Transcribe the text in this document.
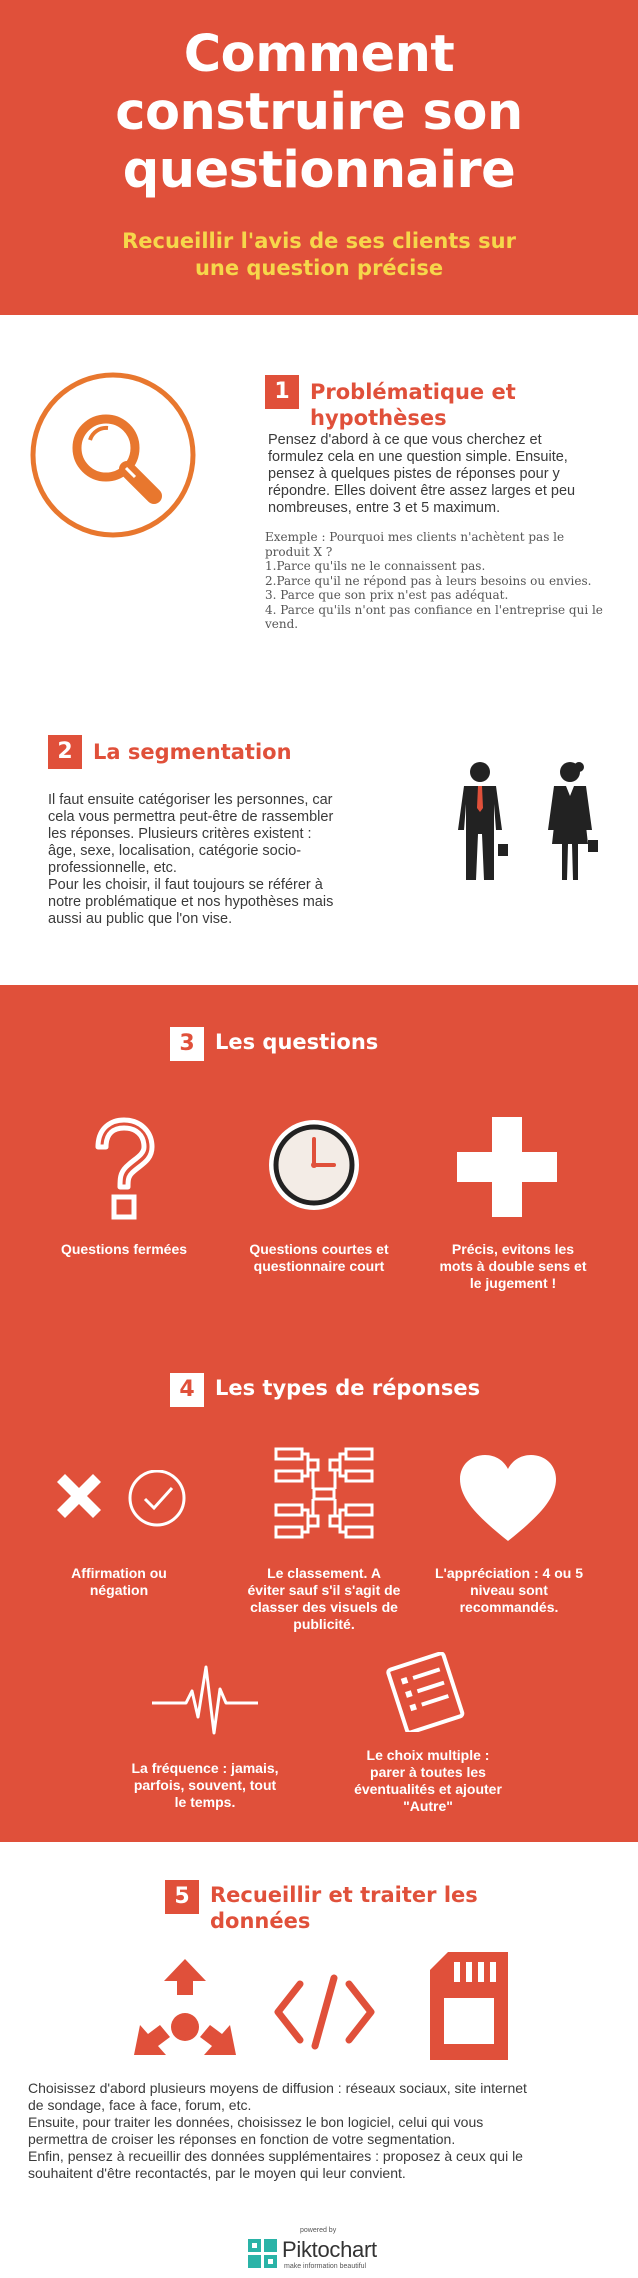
Comment
construire son
questionnaire
Recueillir l'avis de ses clients sur
une question précise
1 Problématique et hypothèses
Pensez d'abord à ce que vous cherchez et
formulez cela en une question simple. Ensuite,
pensez à quelques pistes de réponses pour y
répondre. Elles doivent être assez larges et peu
nombreuses, entre 3 et 5 maximum.
Exemple : Pourquoi mes clients n'achètent pas le
produit X ?
1.Parce qu'ils ne le connaissent pas.
2.Parce qu'il ne répond pas à leurs besoins ou envies.
3. Parce que son prix n'est pas adéquat.
4. Parce qu'ils n'ont pas confiance en l'entreprise qui le
vend.
2 La segmentation
Il faut ensuite catégoriser les personnes, car
cela vous permettra peut-être de rassembler
les réponses. Plusieurs critères existent :
âge, sexe, localisation, catégorie socio-
professionnelle, etc.
Pour les choisir, il faut toujours se référer à
notre problématique et nos hypothèses mais
aussi au public que l'on vise.
3 Les questions
Questions fermées	Questions courtes et
questionnaire court
Précis, evitons les
mots à double sens et
le jugement !
4 Les types de réponses
Affirmation ou
négation
Le classement. A
éviter sauf s'il s'agit de
classer des visuels de
publicité.
L'appréciation : 4 ou 5
niveau sont
recommandés.
La fréquence : jamais,
parfois, souvent, tout
le temps.
Le choix multiple :
parer à toutes les
éventualités et ajouter
"Autre"
5 Recueillir et traiter les
données
Choisissez d'abord plusieurs moyens de diffusion : réseaux sociaux, site internet
de sondage, face à face, forum, etc.
Ensuite, pour traiter les données, choisissez le bon logiciel, celui qui vous
permettra de croiser les réponses en fonction de votre segmentation.
Enfin, pensez à recueillir des données supplémentaires : proposez à ceux qui le
souhaitent d'être recontactés, par le moyen qui leur convient.
powered by
Piktochart
make information beautiful
